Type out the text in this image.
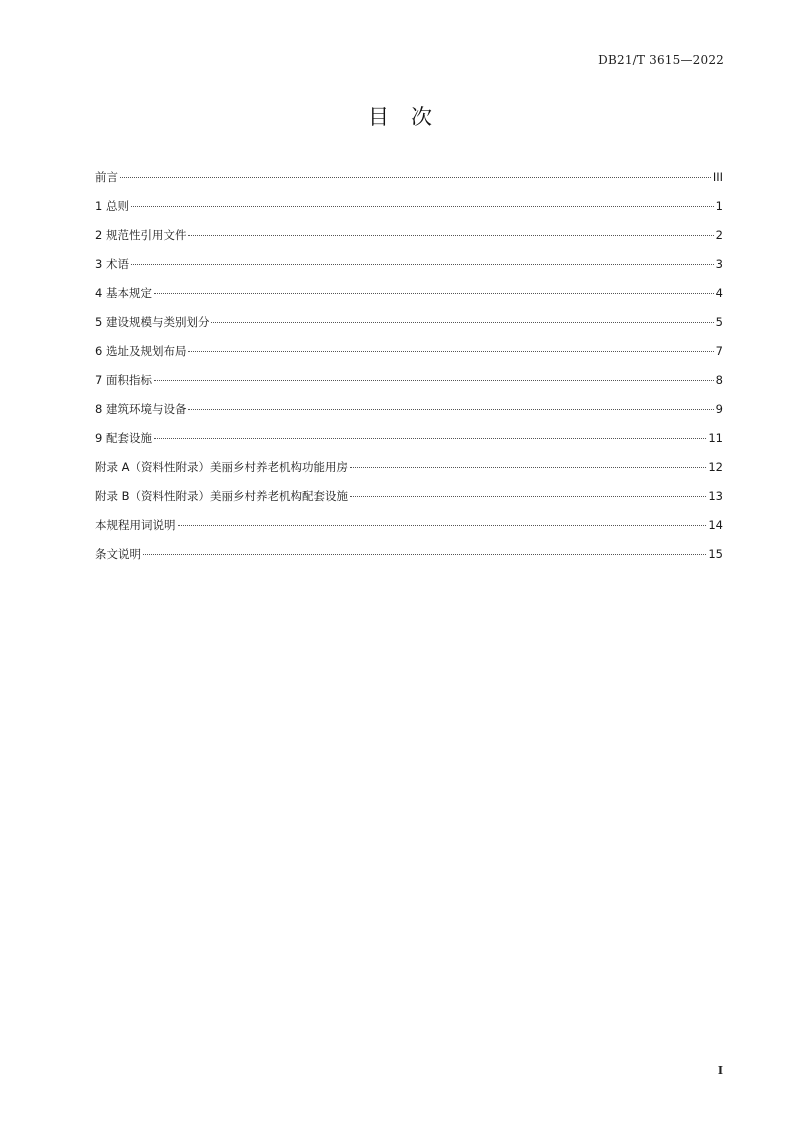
DB21/T 3615—2022
目次
前言	III
1 总则	1
2 规范性引用文件	2
3 术语	3
4 基本规定	4
5 建设规模与类别划分	5
6 选址及规划布局	7
7 面积指标	8
8 建筑环境与设备	9
9 配套设施	11
附录 A（资料性附录）美丽乡村养老机构功能用房	12
附录 B（资料性附录）美丽乡村养老机构配套设施	13
本规程用词说明	14
条文说明	15
I
